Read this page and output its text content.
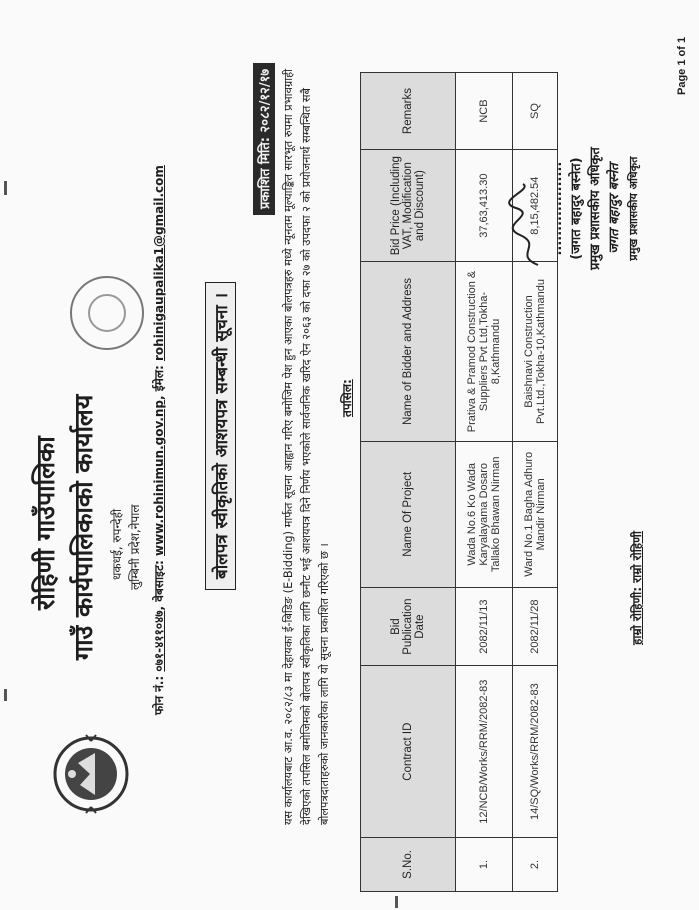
रोहिणी गाउँपालिका गाउँ कार्यपालिकाको कार्यालय धकधई, रुपन्देही लुम्बिनी प्रदेश,नेपाल
फोन नं.: ०७१-४११०४७, वेबसाइट: www.rohinimun.gov.np, ईमेल: rohinigaupalika1@gmail.com
बोलपत्र स्वीकृतिको आशयपत्र सम्बन्धी सूचना ।
प्रकाशित मिति: २०८२/१२/१७ यस कार्यालयबाट आ.व. २०८२/८३ मा देहायका ई-बिडिङ (E-Bidding) मार्फत सूचना आह्वान गरिए बमोजिम पेश हुन आएका बोलपत्रहरु मध्ये न्यूनतम मूल्याङ्कित सारभूत रुपमा प्रभावग्राही देखिएको तपसिल बमोजिमको बोलपत्र स्वीकृतिका लागि छनौट भई आशयपत्र दिने निर्णय भएकोले सार्वजनिक खरिद ऐन २०६३ को दफा २७ को उपदफा २ को प्रयोजनार्थ सम्बन्धित सबै बोलपत्रदाताहरुको जानकारीका लागि यो सूचना प्रकाशित गरिएको छ ।
तपसिल:
S.No.	Contract ID	Bid Publication Date	Name Of Project	Name of Bidder and Address	Bid Price (Including VAT, Modification and Discount)	Remarks
1.	12/NCB/Works/RRM/2082-83	2082/11/13	Wada No.6 Ko Wada Karyalayama Dosaro Tallako Bhawan Nirman	Prativa & Pramod Construction & Suppliers Pvt Ltd,Tokha-8,Kathmandu	37,63,413.30	NCB
2.	14/SQ/Works/RRM/2082-83	2082/11/28	Ward No.1 Bagha Adhuro Mandir Nirman	Baishnavi Construction Pvt.Ltd.,Tokha-10,Kathmandu	8,15,482.54	SQ
................... (जगत बहादुर बस्नेत) प्रमुख प्रशासकीय अधिकृत जगत बहादुर बस्नेत प्रमुख प्रशासकीय अधिकृत
हाम्रो रोहिणी: राम्रो रोहिणी
Page 1 of 1
